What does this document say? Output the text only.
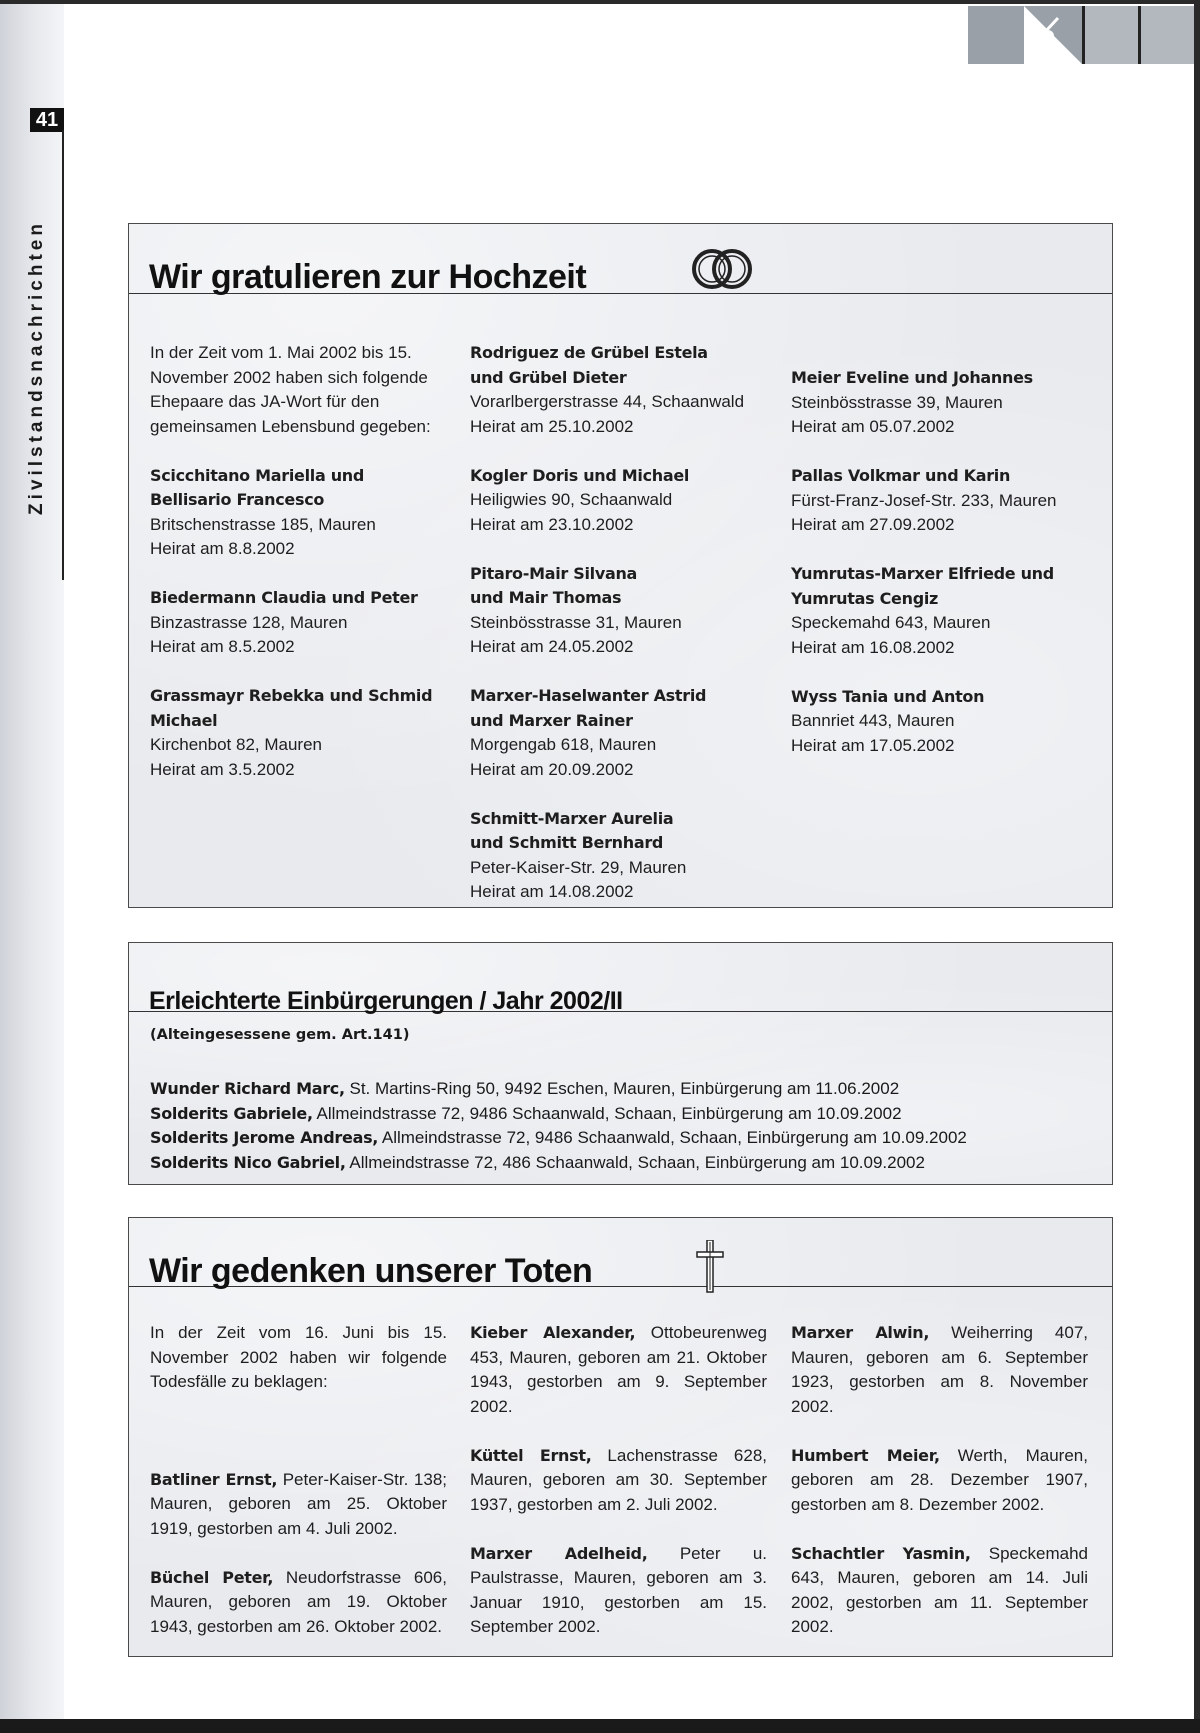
41
Zivilstandsnachrichten	Wir gratulieren zur Hochzeit
In der Zeit vom 1. Mai 2002 bis 15. November 2002 haben sich folgende Ehepaare das JA-Wort für den gemeinsamen Lebensbund gegeben:
Scicchitano Mariella und Bellisario Francesco
Britschenstrasse 185, Mauren
Heirat am 8.8.2002
Biedermann Claudia und Peter
Binzastrasse 128, Mauren
Heirat am 8.5.2002
Grassmayr Rebekka und Schmid Michael
Kirchenbot 82, Mauren
Heirat am 3.5.2002
Rodriguez de Grübel Estela und Grübel Dieter
Vorarlbergerstrasse 44, Schaanwald
Heirat am 25.10.2002
Kogler Doris und Michael
Heiligwies 90, Schaanwald
Heirat am 23.10.2002
Pitaro-Mair Silvana und Mair Thomas
Steinbösstrasse 31, Mauren
Heirat am 24.05.2002
Marxer-Haselwanter Astrid und Marxer Rainer
Morgengab 618, Mauren
Heirat am 20.09.2002
Schmitt-Marxer Aurelia und Schmitt Bernhard
Peter-Kaiser-Str. 29, Mauren
Heirat am 14.08.2002
Meier Eveline und Johannes
Steinbösstrasse 39, Mauren
Heirat am 05.07.2002
Pallas Volkmar und Karin
Fürst-Franz-Josef-Str. 233, Mauren
Heirat am 27.09.2002
Yumrutas-Marxer Elfriede und Yumrutas Cengiz
Speckemahd 643, Mauren
Heirat am 16.08.2002
Wyss Tania und Anton
Bannriet 443, Mauren
Heirat am 17.05.2002
Erleichterte Einbürgerungen / Jahr 2002/II
(Alteingesessene gem. Art.141)
Wunder Richard Marc, St. Martins-Ring 50, 9492 Eschen, Mauren, Einbürgerung am 11.06.2002
Solderits Gabriele, Allmeindstrasse 72, 9486 Schaanwald, Schaan, Einbürgerung am 10.09.2002
Solderits Jerome Andreas, Allmeindstrasse 72, 9486 Schaanwald, Schaan, Einbürgerung am 10.09.2002
Solderits Nico Gabriel, Allmeindstrasse 72, 486 Schaanwald, Schaan, Einbürgerung am 10.09.2002
Wir gedenken unserer Toten
In der Zeit vom 16. Juni bis 15. November 2002 haben wir folgende Todesfälle zu beklagen:
Batliner Ernst, Peter-Kaiser-Str. 138; Mauren, geboren am 25. Oktober 1919, gestorben am 4. Juli 2002.
Büchel Peter, Neudorfstrasse 606, Mauren, geboren am 19. Oktober 1943, gestorben am 26. Oktober 2002.
Kieber Alexander, Ottobeurenweg 453, Mauren, geboren am 21. Oktober 1943, gestorben am 9. September 2002.
Küttel Ernst, Lachenstrasse 628, Mauren, geboren am 30. September 1937, gestorben am 2. Juli 2002.
Marxer Adelheid, Peter u. Paulstrasse, Mauren, geboren am 3. Januar 1910, gestorben am 15. September 2002.
Marxer Alwin, Weiherring 407, Mauren, geboren am 6. September 1923, gestorben am 8. November 2002.
Humbert Meier, Werth, Mauren, geboren am 28. Dezember 1907, gestorben am 8. Dezember 2002.
Schachtler Yasmin, Speckemahd 643, Mauren, geboren am 14. Juli 2002, gestorben am 11. September 2002.
